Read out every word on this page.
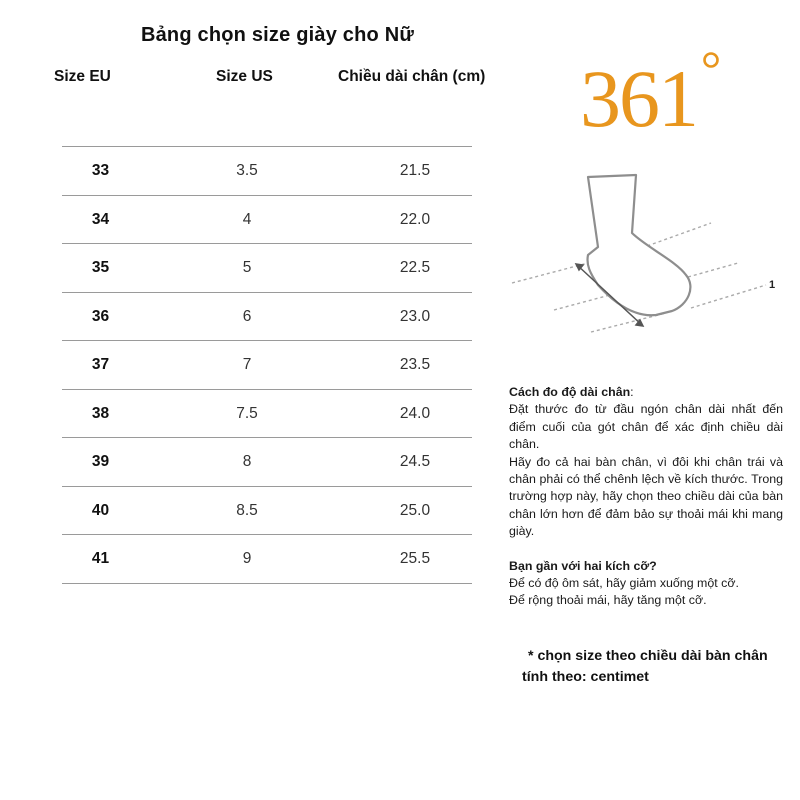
Bảng chọn size giày cho Nữ
Size EU	Size US	Chiều dài chân (cm)
33	3.5	21.5
34	4	22.0
35	5	22.5
36	6	23.0
37	7	23.5
38	7.5	24.0
39	8	24.5
40	8.5	25.0
41	9	25.5
361
1

Cách đo độ dài chân:

Đặt thước đo từ đầu ngón chân dài nhất đến điểm cuối của gót chân để xác định chiều dài chân.

Hãy đo cả hai bàn chân, vì đôi khi chân trái và chân phải có thể chênh lệch về kích thước. Trong trường hợp này, hãy chọn theo chiều dài của bàn chân lớn hơn để đảm bảo sự thoải mái khi mang giày.

Bạn gần với hai kích cỡ?

Để có độ ôm sát, hãy giảm xuống một cỡ.

Để rộng thoải mái, hãy tăng một cỡ.

* chọn size theo chiều dài bàn chân
tính theo: centimet
